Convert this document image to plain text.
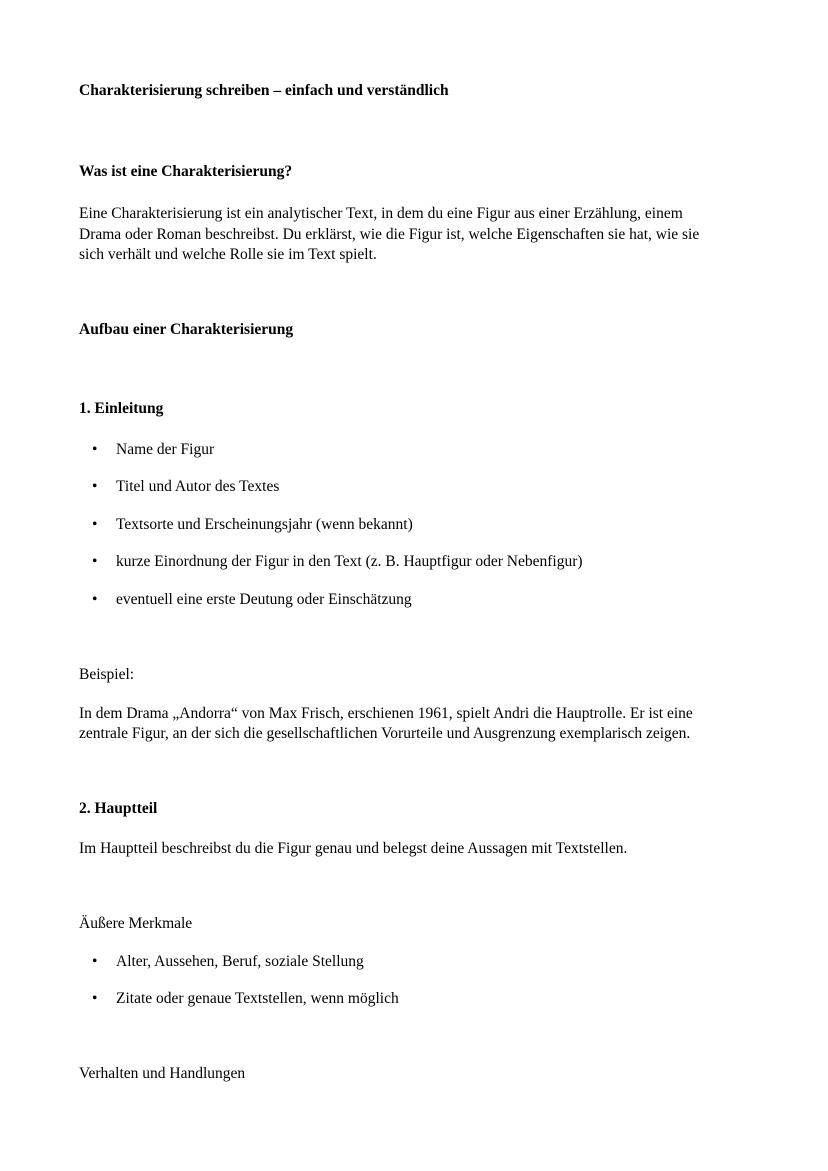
Charakterisierung schreiben – einfach und verständlich

Was ist eine Charakterisierung?

Eine Charakterisierung ist ein analytischer Text, in dem du eine Figur aus einer Erzählung, einem

Drama oder Roman beschreibst. Du erklärst, wie die Figur ist, welche Eigenschaften sie hat, wie sie

sich verhält und welche Rolle sie im Text spielt.

Aufbau einer Charakterisierung

1. Einleitung

• Name der Figur

• Titel und Autor des Textes

• Textsorte und Erscheinungsjahr (wenn bekannt)

• kurze Einordnung der Figur in den Text (z. B. Hauptfigur oder Nebenfigur)

• eventuell eine erste Deutung oder Einschätzung

Beispiel:

In dem Drama „Andorra“ von Max Frisch, erschienen 1961, spielt Andri die Hauptrolle. Er ist eine

zentrale Figur, an der sich die gesellschaftlichen Vorurteile und Ausgrenzung exemplarisch zeigen.

2. Hauptteil

Im Hauptteil beschreibst du die Figur genau und belegst deine Aussagen mit Textstellen.

Äußere Merkmale

• Alter, Aussehen, Beruf, soziale Stellung

• Zitate oder genaue Textstellen, wenn möglich

Verhalten und Handlungen
